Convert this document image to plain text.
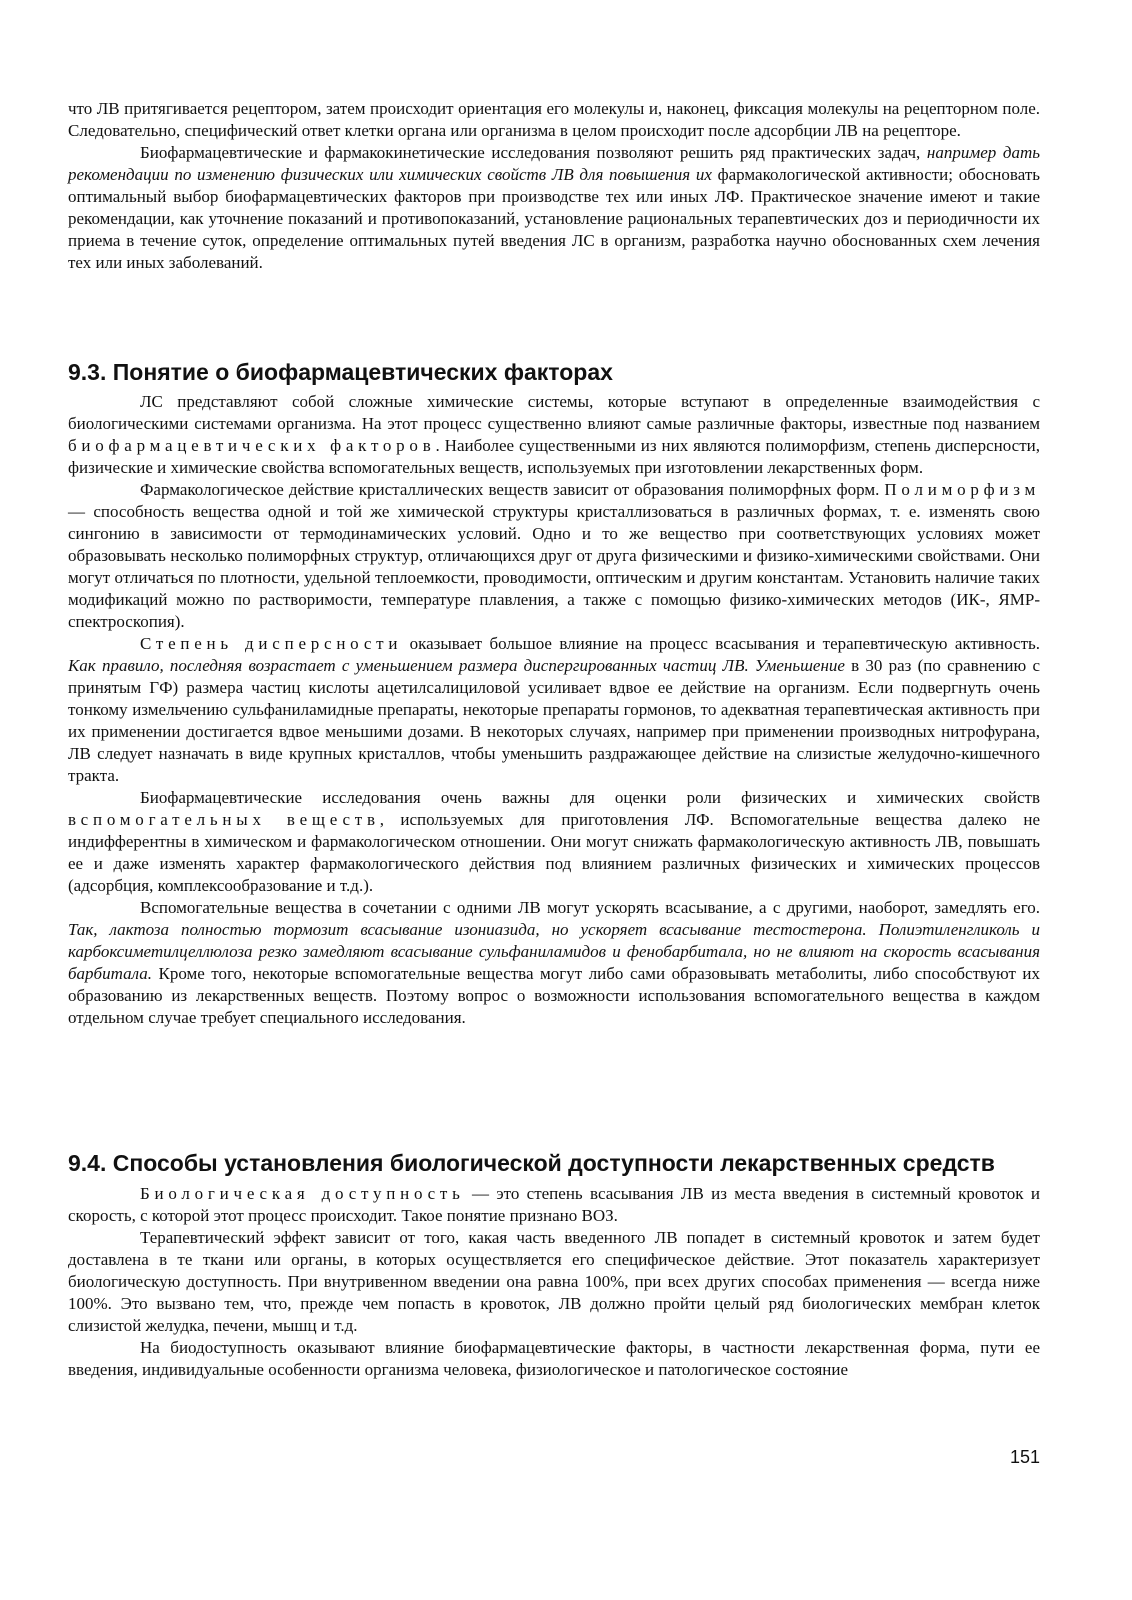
что ЛВ притягивается рецептором, затем происходит ориентация его молекулы и, наконец, фиксация молекулы на рецепторном поле. Следовательно, специфический ответ клетки органа или организма в целом происходит после адсорбции ЛВ на рецепторе.

Биофармацевтические и фармакокинетические исследования позволяют решить ряд практических задач, например дать рекомендации по изменению физических или химических свойств ЛВ для повышения их фармакологической активности; обосновать оптимальный выбор биофармацевтических факторов при производстве тех или иных ЛФ. Практическое значение имеют и такие рекомендации, как уточнение показаний и противопоказаний, установление рациональных терапевтических доз и периодичности их приема в течение суток, определение оптимальных путей введения ЛС в организм, разработка научно обоснованных схем лечения тех или иных заболеваний.

9.3. Понятие о биофармацевтических факторах

ЛС представляют собой сложные химические системы, которые вступают в определенные взаимодействия с биологическими системами организма. На этот процесс существенно влияют самые различные факторы, известные под названием биофармацевтических факторов. Наиболее существенными из них являются полиморфизм, степень дисперсности, физические и химические свойства вспомогательных веществ, используемых при изготовлении лекарственных форм.

Фармакологическое действие кристаллических веществ зависит от образования полиморфных форм. Полиморфизм — способность вещества одной и той же химической структуры кристаллизоваться в различных формах, т. е. изменять свою сингонию в зависимости от термодинамических условий. Одно и то же вещество при соответствующих условиях может образовывать несколько полиморфных структур, отличающихся друг от друга физическими и физико-химическими свойствами. Они могут отличаться по плотности, удельной теплоемкости, проводимости, оптическим и другим константам. Установить наличие таких модификаций можно по растворимости, температуре плавления, а также с помощью физико-химических методов (ИК-, ЯМР-спектроскопия).

Степень дисперсности оказывает большое влияние на процесс всасывания и терапевтическую активность. Как правило, последняя возрастает с уменьшением размера диспергированных частиц ЛВ. Уменьшение в 30 раз (по сравнению с принятым ГФ) размера частиц кислоты ацетилсалициловой усиливает вдвое ее действие на организм. Если подвергнуть очень тонкому измельчению сульфаниламидные препараты, некоторые препараты гормонов, то адекватная терапевтическая активность при их применении достигается вдвое меньшими дозами. В некоторых случаях, например при применении производных нитрофурана, ЛВ следует назначать в виде крупных кристаллов, чтобы уменьшить раздражающее действие на слизистые желудочно-кишечного тракта.

Биофармацевтические исследования очень важны для оценки роли физических и химических свойств вспомогательных веществ, используемых для приготовления ЛФ. Вспомогательные вещества далеко не индифферентны в химическом и фармакологическом отношении. Они могут снижать фармакологическую активность ЛВ, повышать ее и даже изменять характер фармакологического действия под влиянием различных физических и химических процессов (адсорбция, комплексообразование и т.д.).

Вспомогательные вещества в сочетании с одними ЛВ могут ускорять всасывание, а с другими, наоборот, замедлять его. Так, лактоза полностью тормозит всасывание изониазида, но ускоряет всасывание тестостерона. Полиэтиленгликоль и карбоксиметилцеллюлоза резко замедляют всасывание сульфаниламидов и фенобарбитала, но не влияют на скорость всасывания барбитала. Кроме того, некоторые вспомогательные вещества могут либо сами образовывать метаболиты, либо способствуют их образованию из лекарственных веществ. Поэтому вопрос о возможности использования вспомогательного вещества в каждом отдельном случае требует специального исследования.

9.4. Способы установления биологической доступности лекарственных средств

Биологическая доступность — это степень всасывания ЛВ из места введения в системный кровоток и скорость, с которой этот процесс происходит. Такое понятие признано ВОЗ.

Терапевтический эффект зависит от того, какая часть введенного ЛВ попадет в системный кровоток и затем будет доставлена в те ткани или органы, в которых осуществляется его специфическое действие. Этот показатель характеризует биологическую доступность. При внутривенном введении она равна 100%, при всех других способах применения — всегда ниже 100%. Это вызвано тем, что, прежде чем попасть в кровоток, ЛВ должно пройти целый ряд биологических мембран клеток слизистой желудка, печени, мышц и т.д.

На биодоступность оказывают влияние биофармацевтические факторы, в частности лекарственная форма, пути ее введения, индивидуальные особенности организма человека, физиологическое и патологическое состояние

151
